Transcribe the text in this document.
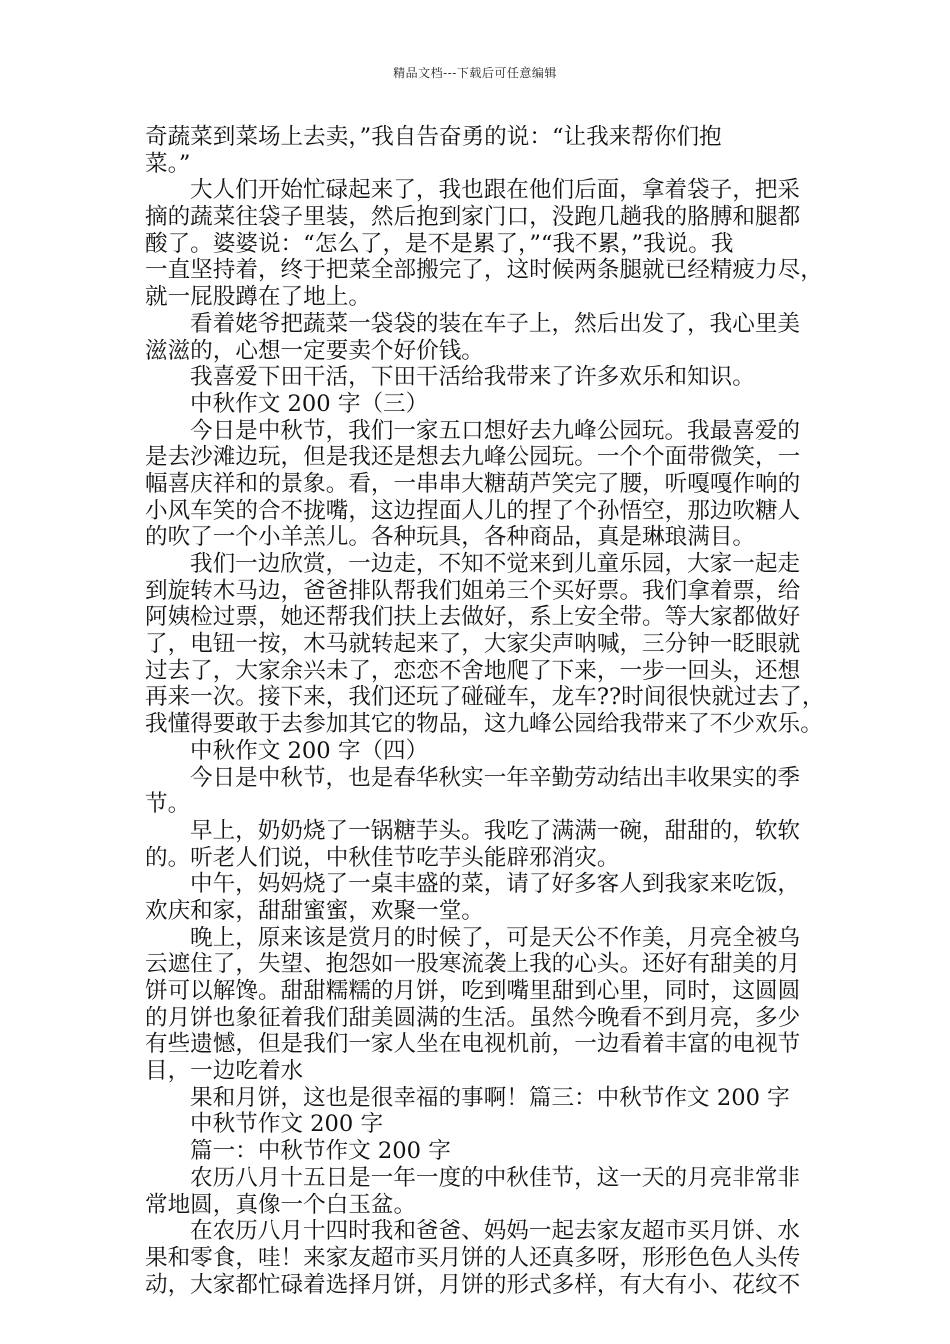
精品文档---下载后可任意编辑
奇蔬菜到菜场上去卖，”我自告奋勇的说：“让我来帮你们抱
菜。”
大人们开始忙碌起来了，我也跟在他们后面，拿着袋子，把采
摘的蔬菜往袋子里装，然后抱到家门口，没跑几趟我的胳膊和腿都
酸了。婆婆说：“怎么了，是不是累了，”“我不累，”我说。我
一直坚持着，终于把菜全部搬完了，这时候两条腿就已经精疲力尽，
就一屁股蹲在了地上。
看着姥爷把蔬菜一袋袋的装在车子上，然后出发了，我心里美
滋滋的，心想一定要卖个好价钱。
我喜爱下田干活，下田干活给我带来了许多欢乐和知识。
中秋作文 200 字（三）
今日是中秋节，我们一家五口想好去九峰公园玩。我最喜爱的
是去沙滩边玩，但是我还是想去九峰公园玩。一个个面带微笑，一
幅喜庆祥和的景象。看，一串串大糖葫芦笑完了腰，听嘎嘎作响的
小风车笑的合不拢嘴，这边捏面人儿的捏了个孙悟空，那边吹糖人
的吹了一个小羊羔儿。各种玩具，各种商品，真是琳琅满目。
我们一边欣赏，一边走，不知不觉来到儿童乐园，大家一起走
到旋转木马边，爸爸排队帮我们姐弟三个买好票。我们拿着票，给
阿姨检过票，她还帮我们扶上去做好，系上安全带。等大家都做好
了，电钮一按，木马就转起来了，大家尖声呐喊，三分钟一眨眼就
过去了，大家余兴未了，恋恋不舍地爬了下来，一步一回头，还想
再来一次。接下来，我们还玩了碰碰车，龙车??时间很快就过去了，
我懂得要敢于去参加其它的物品，这九峰公园给我带来了不少欢乐。
中秋作文 200 字（四）
今日是中秋节，也是春华秋实一年辛勤劳动结出丰收果实的季
节。
早上，奶奶烧了一锅糖芋头。我吃了满满一碗，甜甜的，软软
的。听老人们说，中秋佳节吃芋头能辟邪消灾。
中午，妈妈烧了一桌丰盛的菜，请了好多客人到我家来吃饭，
欢庆和家，甜甜蜜蜜，欢聚一堂。
晚上，原来该是赏月的时候了，可是天公不作美，月亮全被乌
云遮住了，失望、抱怨如一股寒流袭上我的心头。还好有甜美的月
饼可以解馋。甜甜糯糯的月饼，吃到嘴里甜到心里，同时，这圆圆
的月饼也象征着我们甜美圆满的生活。虽然今晚看不到月亮，多少
有些遗憾，但是我们一家人坐在电视机前，一边看着丰富的电视节
目，一边吃着水
果和月饼，这也是很幸福的事啊！篇三：中秋节作文 200 字
中秋节作文 200 字
篇一：中秋节作文 200 字
农历八月十五日是一年一度的中秋佳节，这一天的月亮非常非
常地圆，真像一个白玉盆。
在农历八月十四时我和爸爸、妈妈一起去家友超市买月饼、水
果和零食，哇！来家友超市买月饼的人还真多呀，形形色色人头传
动，大家都忙碌着选择月饼，月饼的形式多样，有大有小、花纹不
